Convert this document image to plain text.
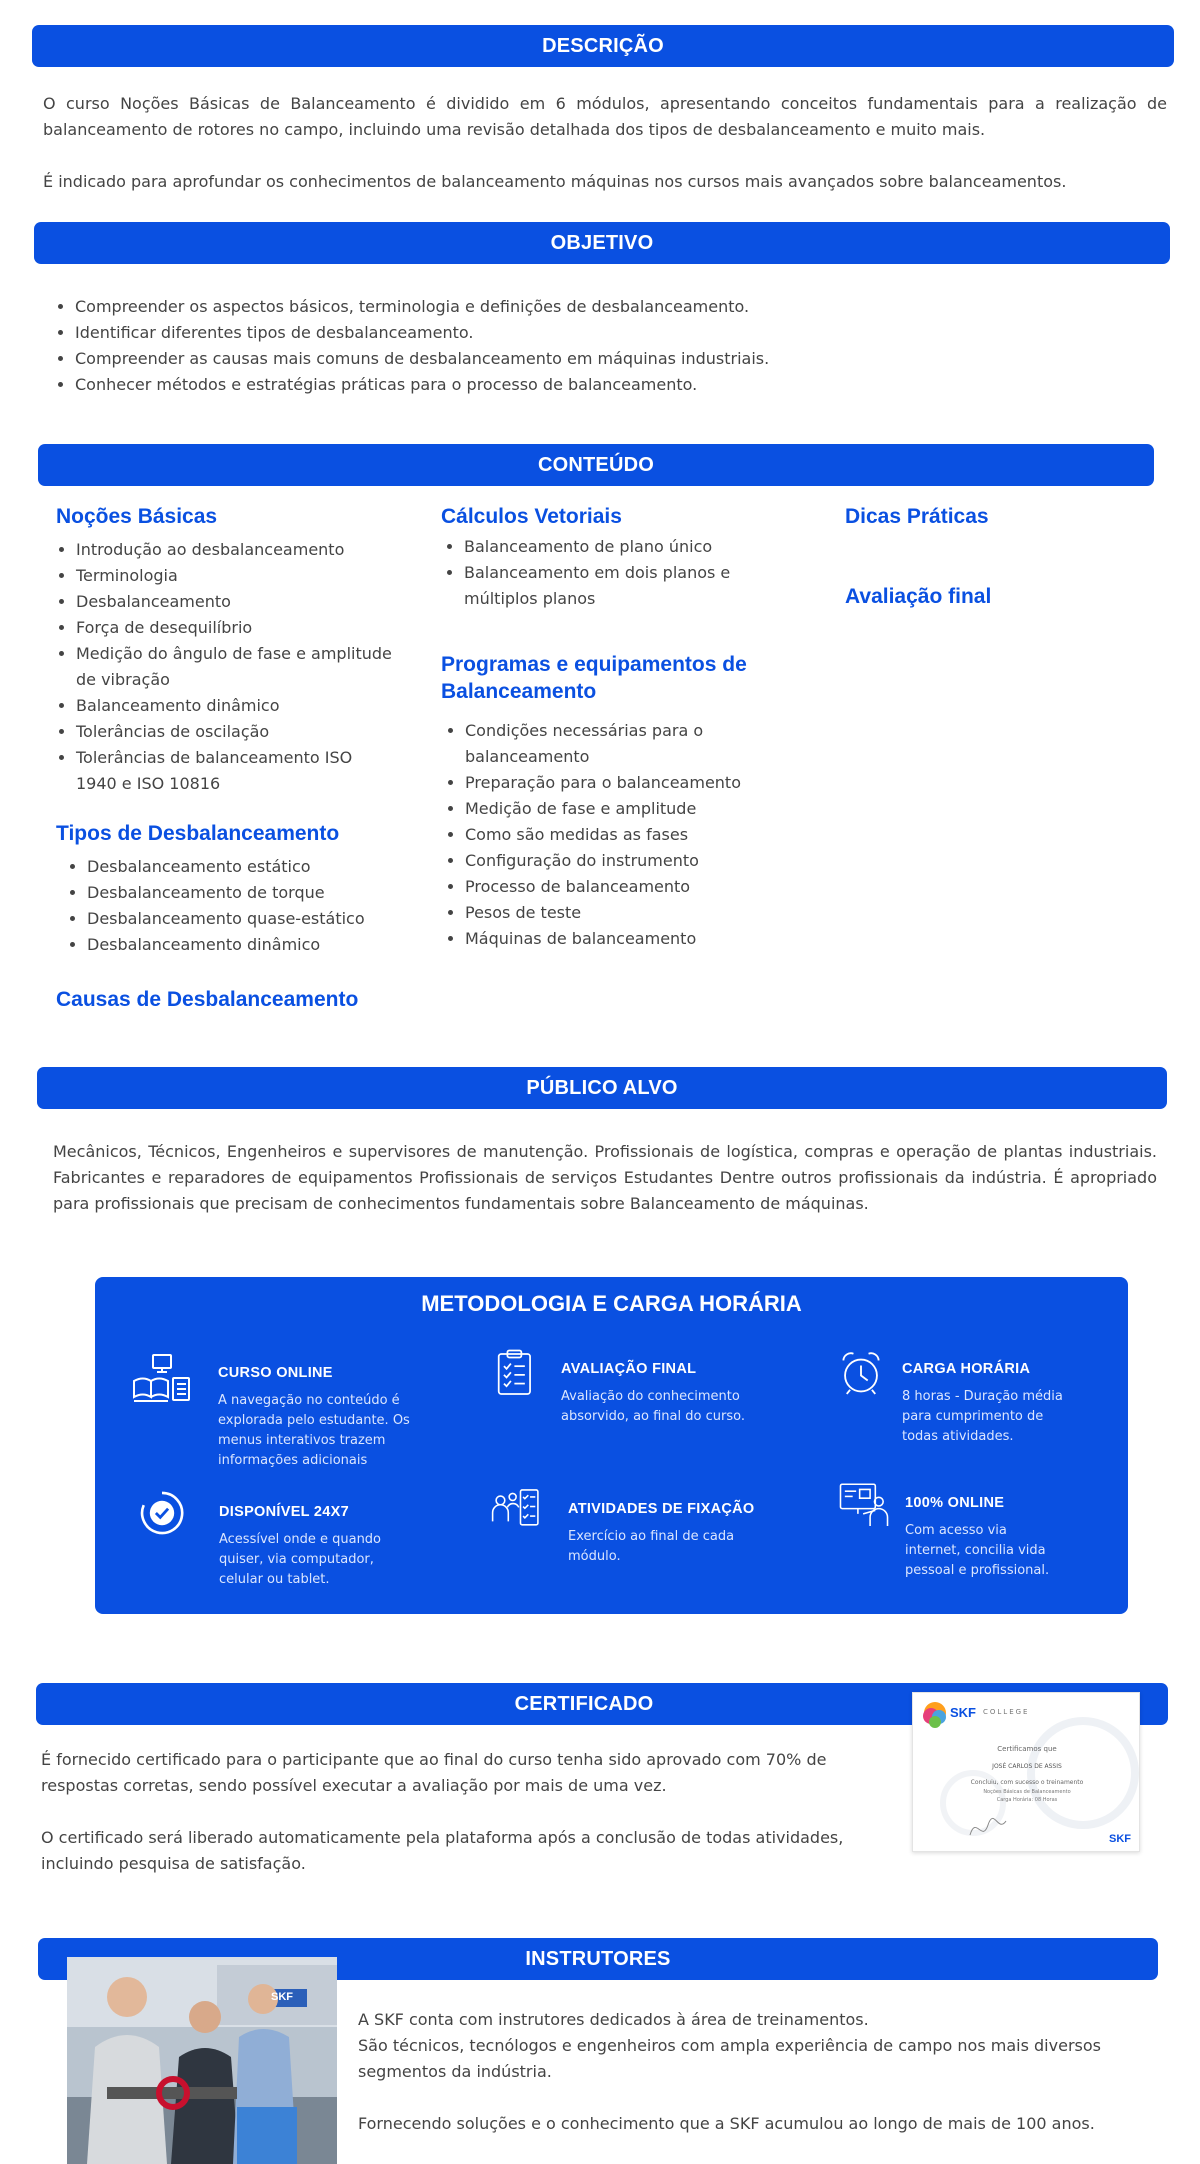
DESCRIÇÃO

O curso Noções Básicas de Balanceamento é dividido em 6 módulos, apresentando conceitos fundamentais para a realização de balanceamento de rotores no campo, incluindo uma revisão detalhada dos tipos de desbalanceamento e muito mais.

É indicado para aprofundar os conhecimentos de balanceamento máquinas nos cursos mais avançados sobre balanceamentos.

OBJETIVO
• Compreender os aspectos básicos, terminologia e definições de desbalanceamento.
• Identificar diferentes tipos de desbalanceamento.
• Compreender as causas mais comuns de desbalanceamento em máquinas industriais.
• Conhecer métodos e estratégias práticas para o processo de balanceamento.
CONTEÚDO
Noções Básicas
• Introdução ao desbalanceamento
• Terminologia
• Desbalanceamento
• Força de desequilíbrio
• Medição do ângulo de fase e amplitude de vibração
• Balanceamento dinâmico
• Tolerâncias de oscilação
• Tolerâncias de balanceamento ISO 1940 e ISO 10816
Tipos de Desbalanceamento
• Desbalanceamento estático
• Desbalanceamento de torque
• Desbalanceamento quase-estático
• Desbalanceamento dinâmico
Causas de Desbalanceamento
Cálculos Vetoriais
• Balanceamento de plano único
• Balanceamento em dois planos e múltiplos planos
Programas e equipamentos de Balanceamento
• Condições necessárias para o balanceamento
• Preparação para o balanceamento
• Medição de fase e amplitude
• Como são medidas as fases
• Configuração do instrumento
• Processo de balanceamento
• Pesos de teste
• Máquinas de balanceamento
Dicas Práticas
Avaliação final
PÚBLICO ALVO

Mecânicos, Técnicos, Engenheiros e supervisores de manutenção. Profissionais de logística, compras e operação de plantas industriais. Fabricantes e reparadores de equipamentos Profissionais de serviços Estudantes Dentre outros profissionais da indústria. É apropriado para profissionais que precisam de conhecimentos fundamentais sobre Balanceamento de máquinas.

METODOLOGIA E CARGA HORÁRIA
CURSO ONLINE
A navegação no conteúdo é explorada pelo estudante. Os menus interativos trazem informações adicionais
AVALIAÇÃO FINAL
Avaliação do conhecimento absorvido, ao final do curso.
CARGA HORÁRIA
8 horas - Duração média para cumprimento de todas atividades.
DISPONÍVEL 24X7
Acessível onde e quando quiser, via computador, celular ou tablet.
ATIVIDADES DE FIXAÇÃO
Exercício ao final de cada módulo.
100% ONLINE
Com acesso via internet, concilia vida pessoal e profissional.
CERTIFICADO	SKF COLLEGE
Certificamos que
JOSÉ CARLOS DE ASSIS
Concluiu, com sucesso o treinamento
Noções Básicas de Balanceamento
Carga Horária: 08 Horas
SKF

É fornecido certificado para o participante que ao final do curso tenha sido aprovado com 70% de respostas corretas, sendo possível executar a avaliação por mais de uma vez.

O certificado será liberado automaticamente pela plataforma após a conclusão de todas atividades, incluindo pesquisa de satisfação.

INSTRUTORES
SKF

A SKF conta com instrutores dedicados à área de treinamentos.

São técnicos, tecnólogos e engenheiros com ampla experiência de campo nos mais diversos segmentos da indústria.

Fornecendo soluções e o conhecimento que a SKF acumulou ao longo de mais de 100 anos.
